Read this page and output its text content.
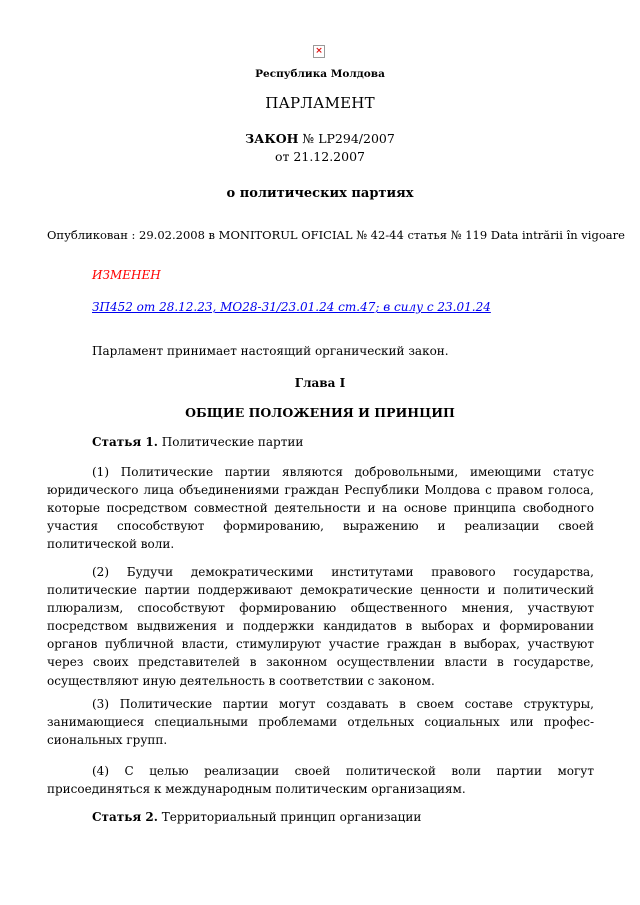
×
Республика Молдова
ПАРЛАМЕНТ
ЗАКОН № LP294/2007
от 21.12.2007
о политических партиях
Опубликован : 29.02.2008 в MONITORUL OFICIAL № 42-44 статья № 119 Data intrării în vigoare
ИЗМЕНЕН
ЗП452 от 28.12.23, MO28-31/23.01.24 ст.47; в силу с 23.01.24
Парламент принимает настоящий органический закон.
Глава I
ОБЩИЕ ПОЛОЖЕНИЯ И ПРИНЦИП
Статья 1. Политические партии
(1) Политические партии являются добровольными, имеющими статус юридического лица объединениями граждан Республики Молдова с правом голоса, которые посредством совместной деятельности и на основе принципа свободного участия способствуют формированию, выражению и реализации своей политической воли.
(2) Будучи демократическими институтами правового государства, политические партии поддерживают демократические ценности и политический плюрализм, способствуют формированию общественного мнения, участвуют посредством выдвижения и поддержки кандидатов в выборах и формировании органов публичной власти, стимулируют участие граждан в выборах, участвуют через своих представителей в законном осуществлении власти в государстве, осуществляют иную деятельность в соответствии с законом.
(3) Политические партии могут создавать в своем составе структуры, занимающиеся специальными проблемами отдельных социальных или профессиональных групп.
(4) С целью реализации своей политической воли партии могут присоединяться к международным политическим организациям.
Статья 2. Территориальный принцип организации
